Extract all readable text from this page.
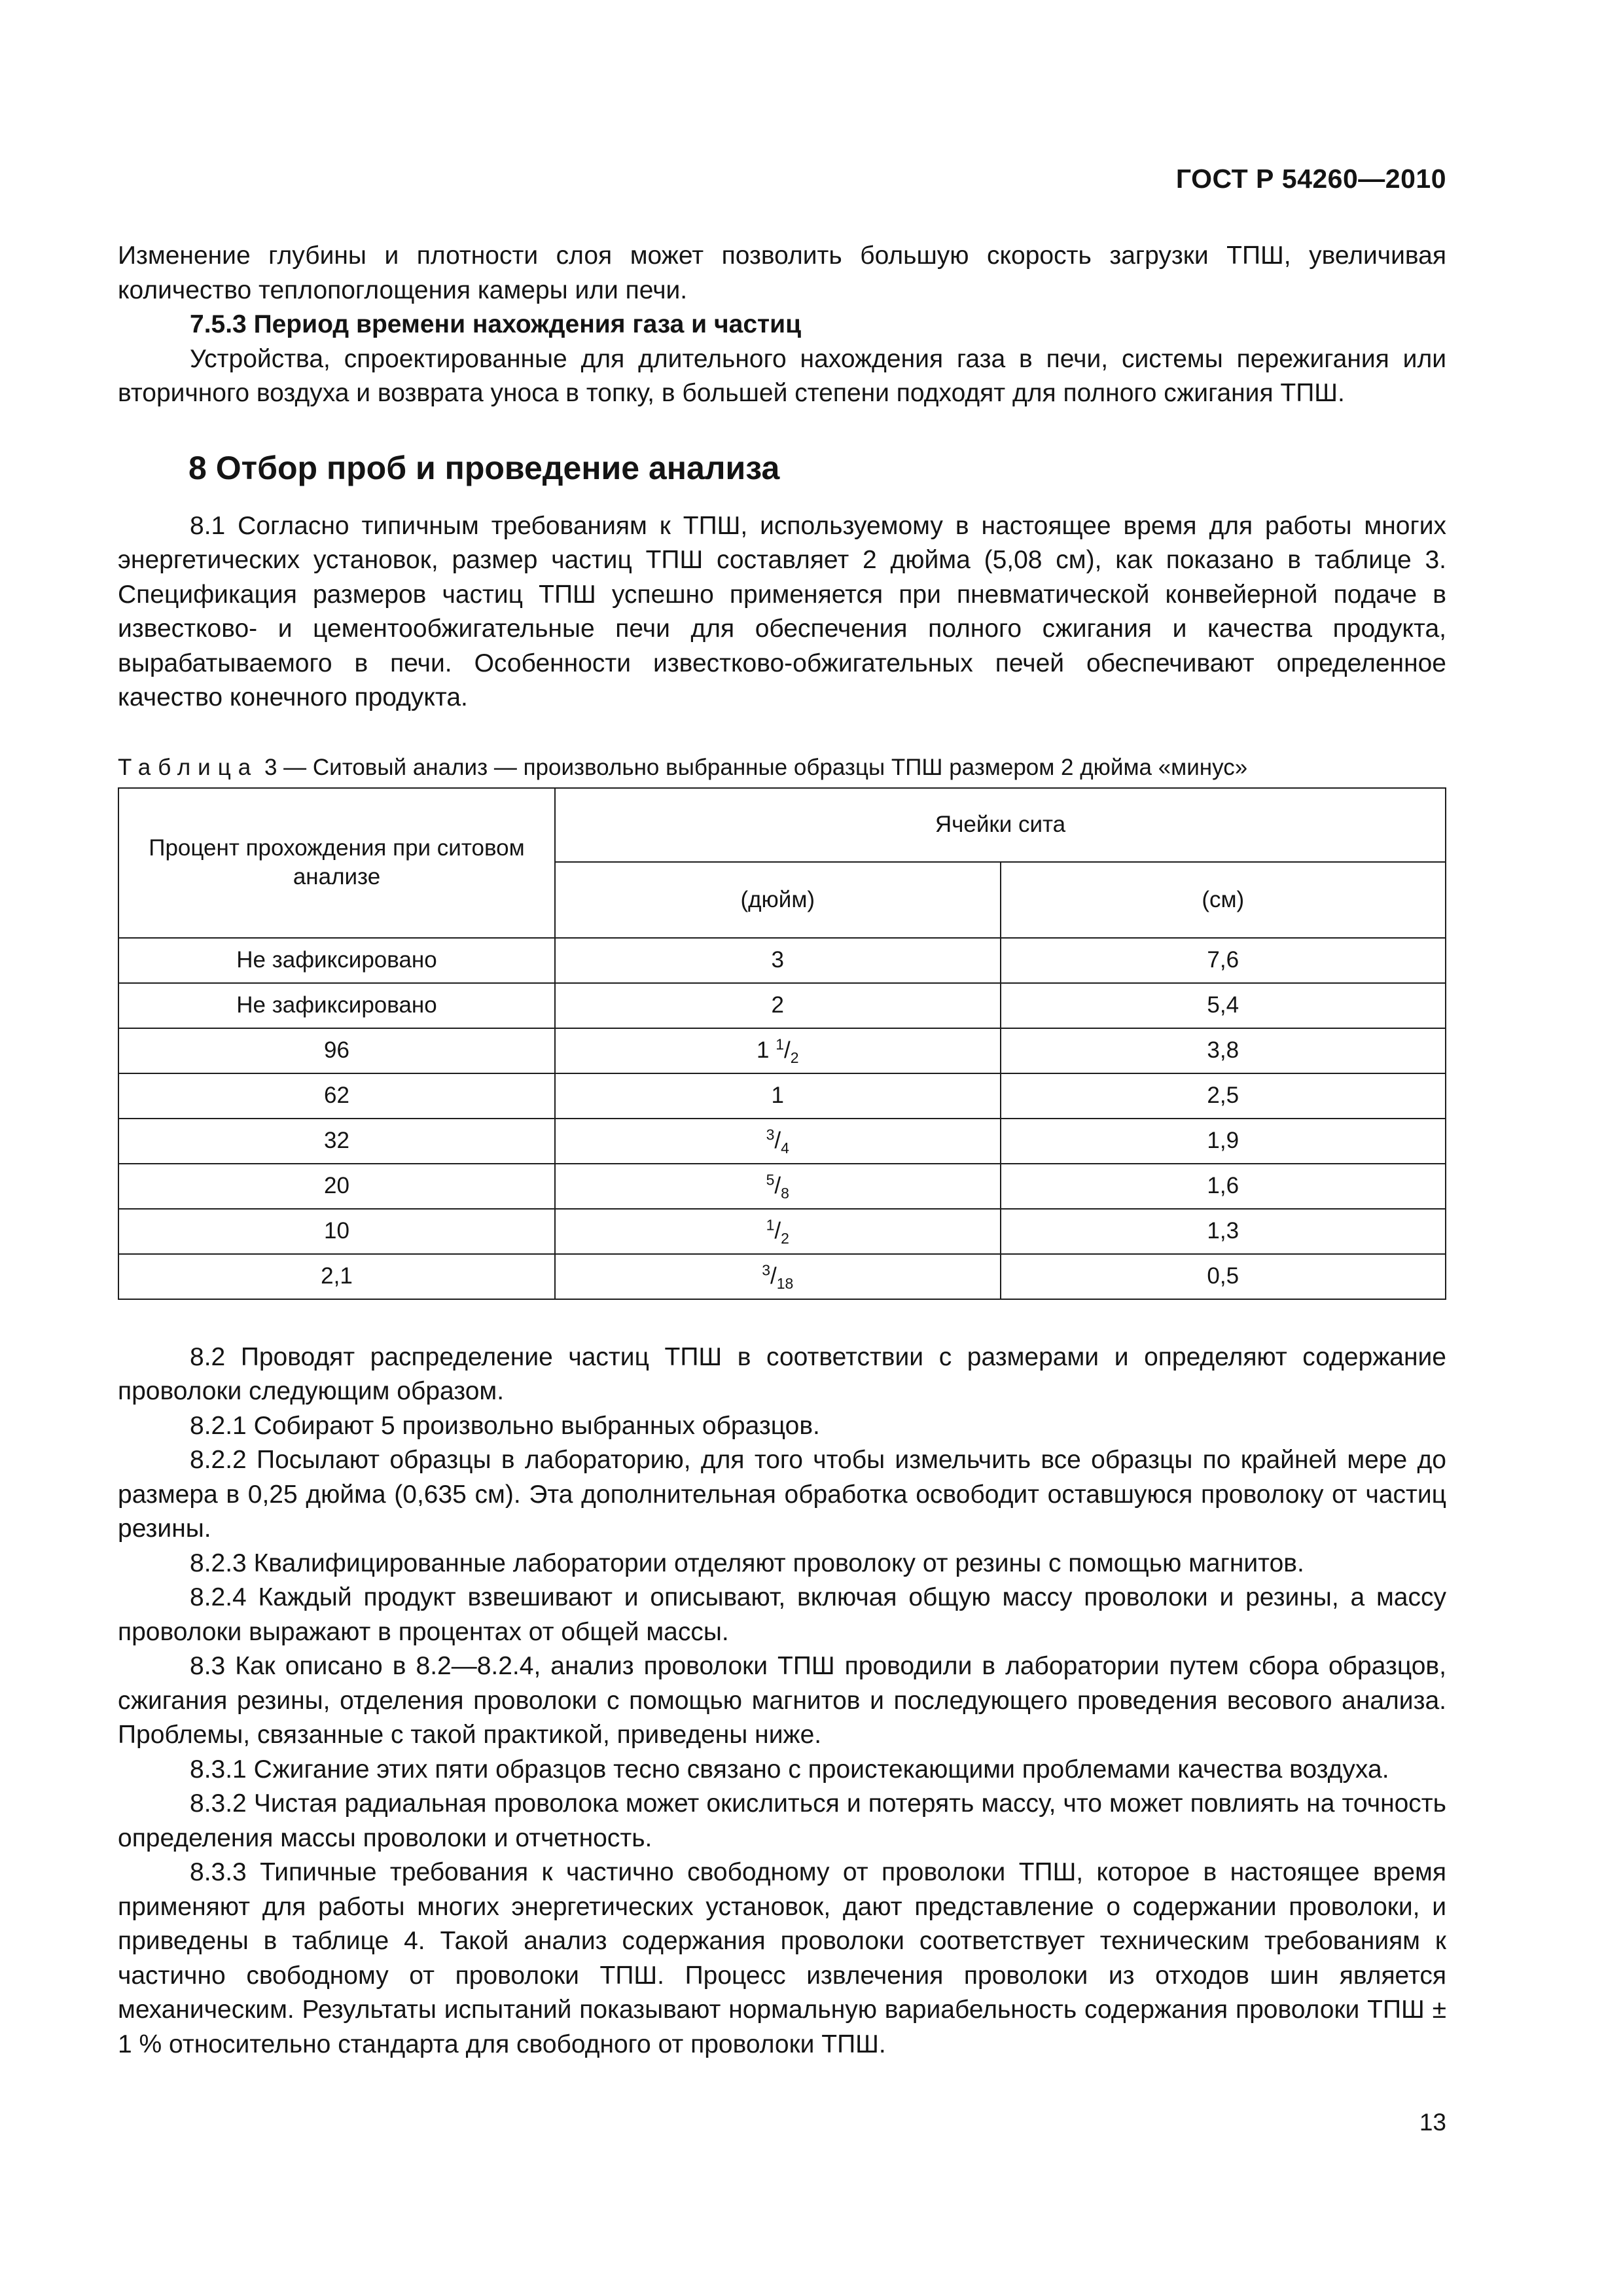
ГОСТ Р 54260—2010

Изменение глубины и плотности слоя может позволить большую скорость загрузки ТПШ, увеличивая количество теплопоглощения камеры или печи.

7.5.3 Период времени нахождения газа и частиц

Устройства, спроектированные для длительного нахождения газа в печи, системы пережигания или вторичного воздуха и возврата уноса в топку, в большей степени подходят для полного сжигания ТПШ.

8 Отбор проб и проведение анализа

8.1 Согласно типичным требованиям к ТПШ, используемому в настоящее время для работы многих энергетических установок, размер частиц ТПШ составляет 2 дюйма (5,08 см), как показано в таблице 3. Спецификация размеров частиц ТПШ успешно применяется при пневматической конвейерной подаче в известково- и цементообжигательные печи для обеспечения полного сжигания и качества продукта, вырабатываемого в печи. Особенности известково-обжигательных печей обеспечивают определенное качество конечного продукта.

Таблица 3 — Ситовый анализ — произвольно выбранные образцы ТПШ размером 2 дюйма «минус»
Процент прохождения при ситовом анализе	Ячейки сита	
	(дюйм)	(см)
Не зафиксировано	3	7,6
Не зафиксировано	2	5,4
96	1 $^1/_2$	3,8
62	1	2,5
32	$^3/_4$	1,9
20	$^5/_8$	1,6
10	$^1/_2$	1,3
2,1	$^3/_{18}$	0,5

8.2 Проводят распределение частиц ТПШ в соответствии с размерами и определяют содержание проволоки следующим образом.

8.2.1 Собирают 5 произвольно выбранных образцов.

8.2.2 Посылают образцы в лабораторию, для того чтобы измельчить все образцы по крайней мере до размера в 0,25 дюйма (0,635 см). Эта дополнительная обработка освободит оставшуюся проволоку от частиц резины.

8.2.3 Квалифицированные лаборатории отделяют проволоку от резины с помощью магнитов.

8.2.4 Каждый продукт взвешивают и описывают, включая общую массу проволоки и резины, а массу проволоки выражают в процентах от общей массы.

8.3 Как описано в 8.2—8.2.4, анализ проволоки ТПШ проводили в лаборатории путем сбора образцов, сжигания резины, отделения проволоки с помощью магнитов и последующего проведения весового анализа. Проблемы, связанные с такой практикой, приведены ниже.

8.3.1 Сжигание этих пяти образцов тесно связано с проистекающими проблемами качества воздуха.

8.3.2 Чистая радиальная проволока может окислиться и потерять массу, что может повлиять на точность определения массы проволоки и отчетность.

8.3.3 Типичные требования к частично свободному от проволоки ТПШ, которое в настоящее время применяют для работы многих энергетических установок, дают представление о содержании проволоки, и приведены в таблице 4. Такой анализ содержания проволоки соответствует техническим требованиям к частично свободному от проволоки ТПШ. Процесс извлечения проволоки из отходов шин является механическим. Результаты испытаний показывают нормальную вариабельность содержания проволоки ТПШ ± 1 % относительно стандарта для свободного от проволоки ТПШ.

13
